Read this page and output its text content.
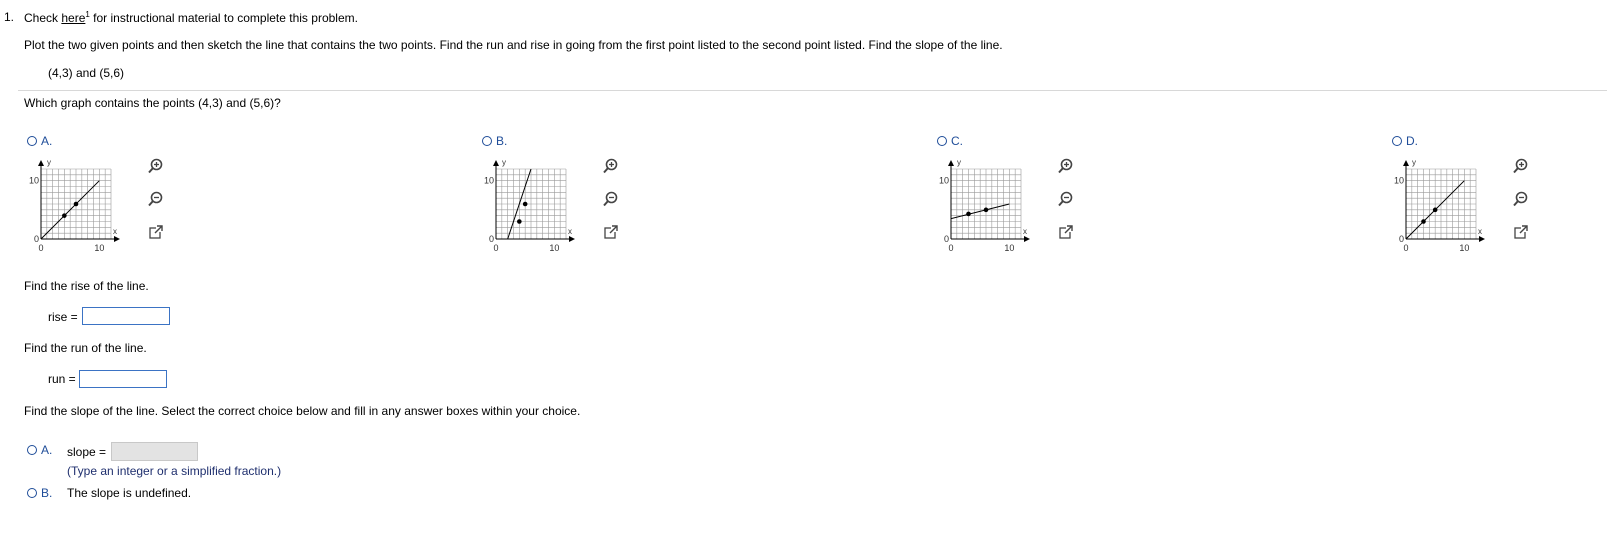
1. Check here$^1$ for instructional material to complete this problem.
Plot the two given points and then sketch the line that contains the two points. Find the run and rise in going from the first point listed to the second point listed. Find the slope of the line.
(4,3) and (5,6)
Which graph contains the points (4,3) and (5,6)?
A.
10
0
0	10
x
y
B.
10
0
0	10
x
y
C.
10
0
0	10
x
y
D.
10
0
0	10
x
y
Find the rise of the line.
rise =
Find the run of the line.
run =
Find the slope of the line. Select the correct choice below and fill in any answer boxes within your choice.
A. slope =
(Type an integer or a simplified fraction.)
B. The slope is undefined.
